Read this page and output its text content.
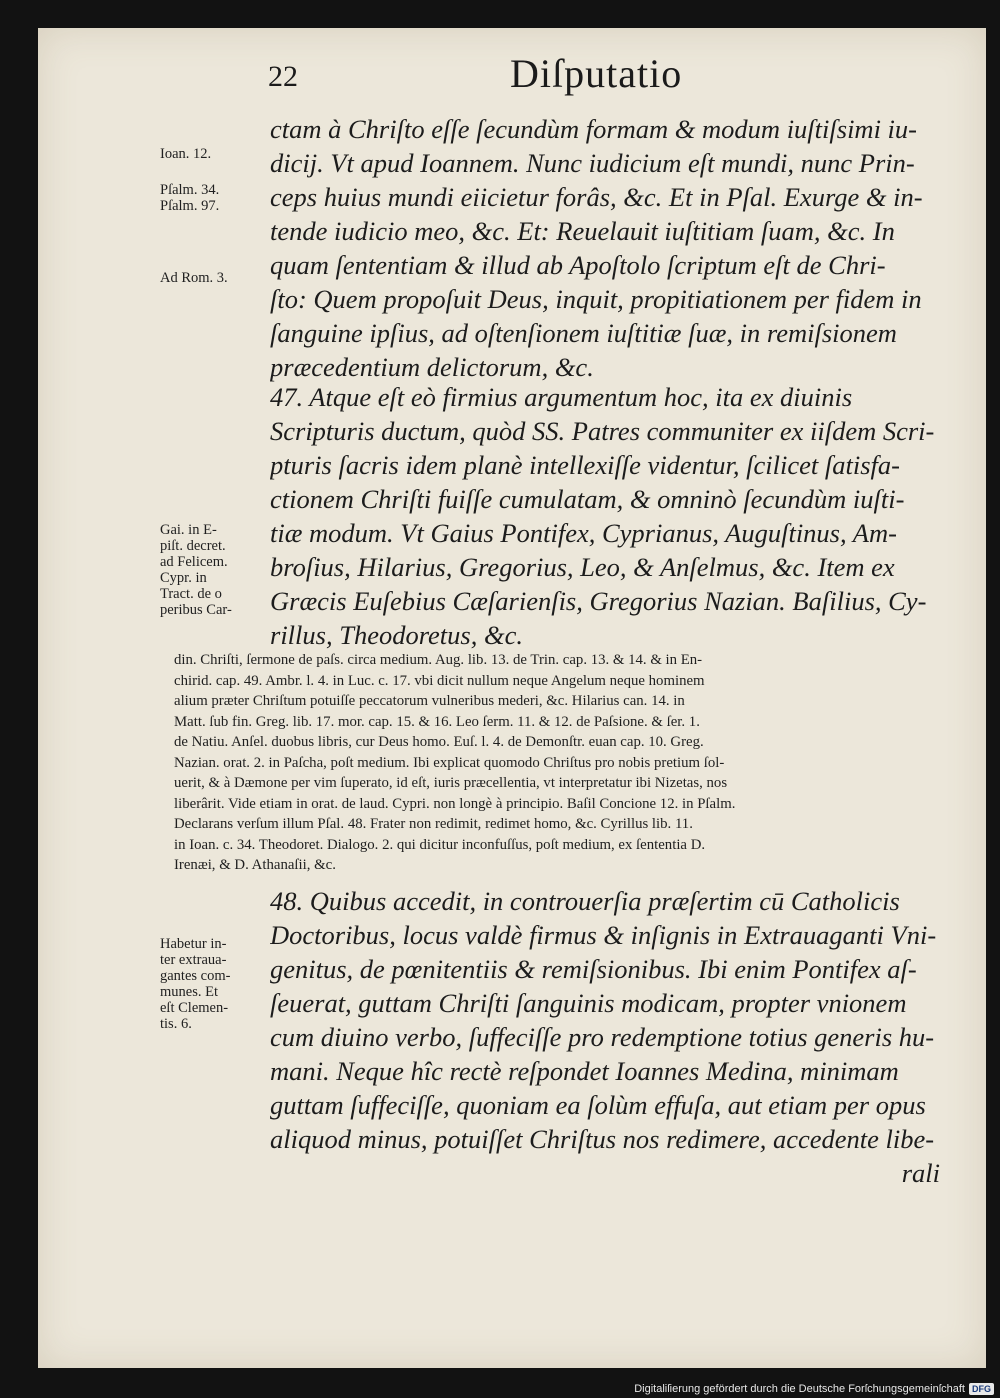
22	Diſputatio
Ioan. 12.
Pſalm. 34.
Pſalm. 97.
Ad Rom. 3.
Gai. in E-
piſt. decret.
ad Felicem.
Cypr. in
Tract. de o
peribus Car-
Habetur in-
ter extraua-
gantes com-
munes. Et
eſt Clemen-
tis. 6.
ctam à Chriſto eſſe ſecundùm formam & modum iuſtiſsimi iu-
dicij. Vt apud Ioannem. Nunc iudicium eſt mundi, nunc Prin-
ceps huius mundi eiicietur forâs, &c. Et in Pſal. Exurge & in-
tende iudicio meo, &c. Et: Reuelauit iuſtitiam ſuam, &c. In
quam ſententiam & illud ab Apoſtolo ſcriptum eſt de Chri-
ſto: Quem propoſuit Deus, inquit, propitiationem per fidem in
ſanguine ipſius, ad oſtenſionem iuſtitiæ ſuæ, in remiſsionem
præcedentium delictorum, &c.
47. Atque eſt eò firmius argumentum hoc, ita ex diuinis
Scripturis ductum, quòd SS. Patres communiter ex iiſdem Scri-
pturis ſacris idem planè intellexiſſe videntur, ſcilicet ſatisfa-
ctionem Chriſti fuiſſe cumulatam, & omninò ſecundùm iuſti-
tiæ modum. Vt Gaius Pontifex, Cyprianus, Auguſtinus, Am-
broſius, Hilarius, Gregorius, Leo, & Anſelmus, &c. Item ex
Græcis Euſebius Cæſarienſis, Gregorius Nazian. Baſilius, Cy-
rillus, Theodoretus, &c.
din. Chriſti, ſermone de paſs. circa medium. Aug. lib. 13. de Trin. cap. 13. & 14. & in En-
chirid. cap. 49. Ambr. l. 4. in Luc. c. 17. vbi dicit nullum neque Angelum neque hominem
alium præter Chriſtum potuiſſe peccatorum vulneribus mederi, &c. Hilarius can. 14. in
Matt. ſub fin. Greg. lib. 17. mor. cap. 15. & 16. Leo ſerm. 11. & 12. de Paſsione. & ſer. 1.
de Natiu. Anſel. duobus libris, cur Deus homo. Euſ. l. 4. de Demonſtr. euan cap. 10. Greg.
Nazian. orat. 2. in Paſcha, poſt medium. Ibi explicat quomodo Chriſtus pro nobis pretium ſol-
uerit, & à Dæmone per vim ſuperato, id eſt, iuris præcellentia, vt interpretatur ibi Nizetas, nos
liberârit. Vide etiam in orat. de laud. Cypri. non longè à principio. Baſil Concione 12. in Pſalm.
Declarans verſum illum Pſal. 48. Frater non redimit, redimet homo, &c. Cyrillus lib. 11.
in Ioan. c. 34. Theodoret. Dialogo. 2. qui dicitur inconfuſſus, poſt medium, ex ſententia D.
Irenæi, & D. Athanaſii, &c.
48. Quibus accedit, in controuerſia præſertim cū Catholicis
Doctoribus, locus valdè firmus & inſignis in Extrauaganti Vni-
genitus, de pœnitentiis & remiſsionibus. Ibi enim Pontifex aſ-
ſeuerat, guttam Chriſti ſanguinis modicam, propter vnionem
cum diuino verbo, ſuffeciſſe pro redemptione totius generis hu-
mani. Neque hîc rectè reſpondet Ioannes Medina, minimam
guttam ſuffeciſſe, quoniam ea ſolùm effuſa, aut etiam per opus
aliquod minus, potuiſſet Chriſtus nos redimere, accedente libe-
rali
Digitaliſierung gefördert durch die Deutsche Forſchungsgemeinſchaft DFG
